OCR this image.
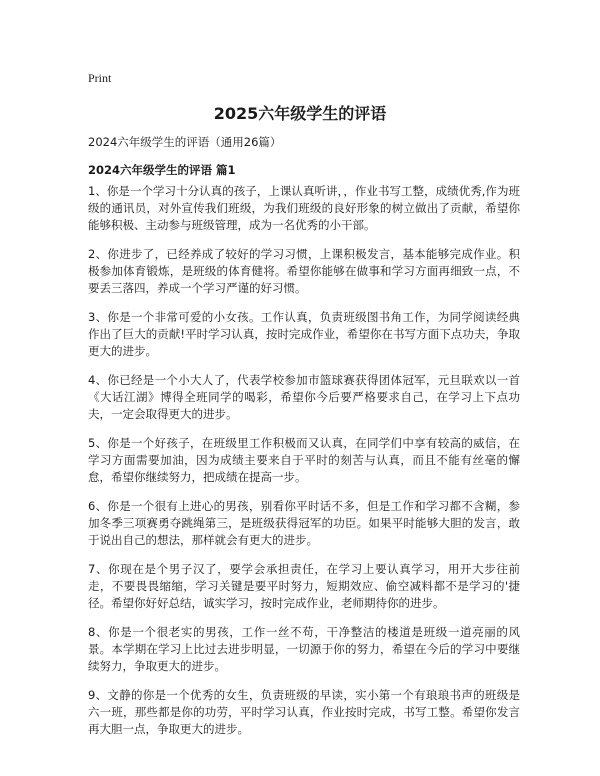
Print
2025六年级学生的评语

2024六年级学生的评语（通用26篇）

2024六年级学生的评语 篇1

1、你是一个学习十分认真的孩子，上课认真听讲，，作业书写工整，成绩优秀,作为班级的通讯员，对外宣传我们班级，为我们班级的良好形象的树立做出了贡献，希望你能够积极、主动参与班级管理，成为一名优秀的小干部。

2、你进步了，已经养成了较好的学习习惯，上课积极发言，基本能够完成作业。积极参加体育锻炼，是班级的体育健将。希望你能够在做事和学习方面再细致一点，不要丢三落四，养成一个学习严谨的好习惯。

3、你是一个非常可爱的小女孩。工作认真，负责班级图书角工作，为同学阅读经典作出了巨大的贡献!平时学习认真，按时完成作业，希望你在书写方面下点功夫，争取更大的进步。

4、你已经是一个小大人了，代表学校参加市篮球赛获得团体冠军，元旦联欢以一首《大话江湖》博得全班同学的喝彩，希望你今后要严格要求自己，在学习上下点功夫，一定会取得更大的进步。

5、你是一个好孩子，在班级里工作积极而又认真，在同学们中享有较高的威信，在学习方面需要加油，因为成绩主要来自于平时的刻苦与认真，而且不能有丝毫的懈怠，希望你继续努力，把成绩在提高一步。

6、你是一个很有上进心的男孩，别看你平时话不多，但是工作和学习都不含糊，参加冬季三项赛勇夺跳绳第三，是班级获得冠军的功臣。如果平时能够大胆的发言，敢于说出自己的想法，那样就会有更大的进步。

7、你现在是个男子汉了，要学会承担责任，在学习上要认真学习，用开大步往前走，不要畏畏缩缩，学习关键是要平时努力，短期效应、偷空减料都不是学习的'捷径。希望你好好总结，诚实学习，按时完成作业，老师期待你的进步。

8、你是一个很老实的男孩，工作一丝不苟，干净整洁的楼道是班级一道亮丽的风景。本学期在学习上比过去进步明显，一切源于你的努力，希望在今后的学习中要继续努力，争取更大的进步。

9、文静的你是一个优秀的女生，负责班级的早读，实小第一个有琅琅书声的班级是六一班，那些都是你的功劳，平时学习认真，作业按时完成，书写工整。希望你发言再大胆一点，争取更大的进步。
